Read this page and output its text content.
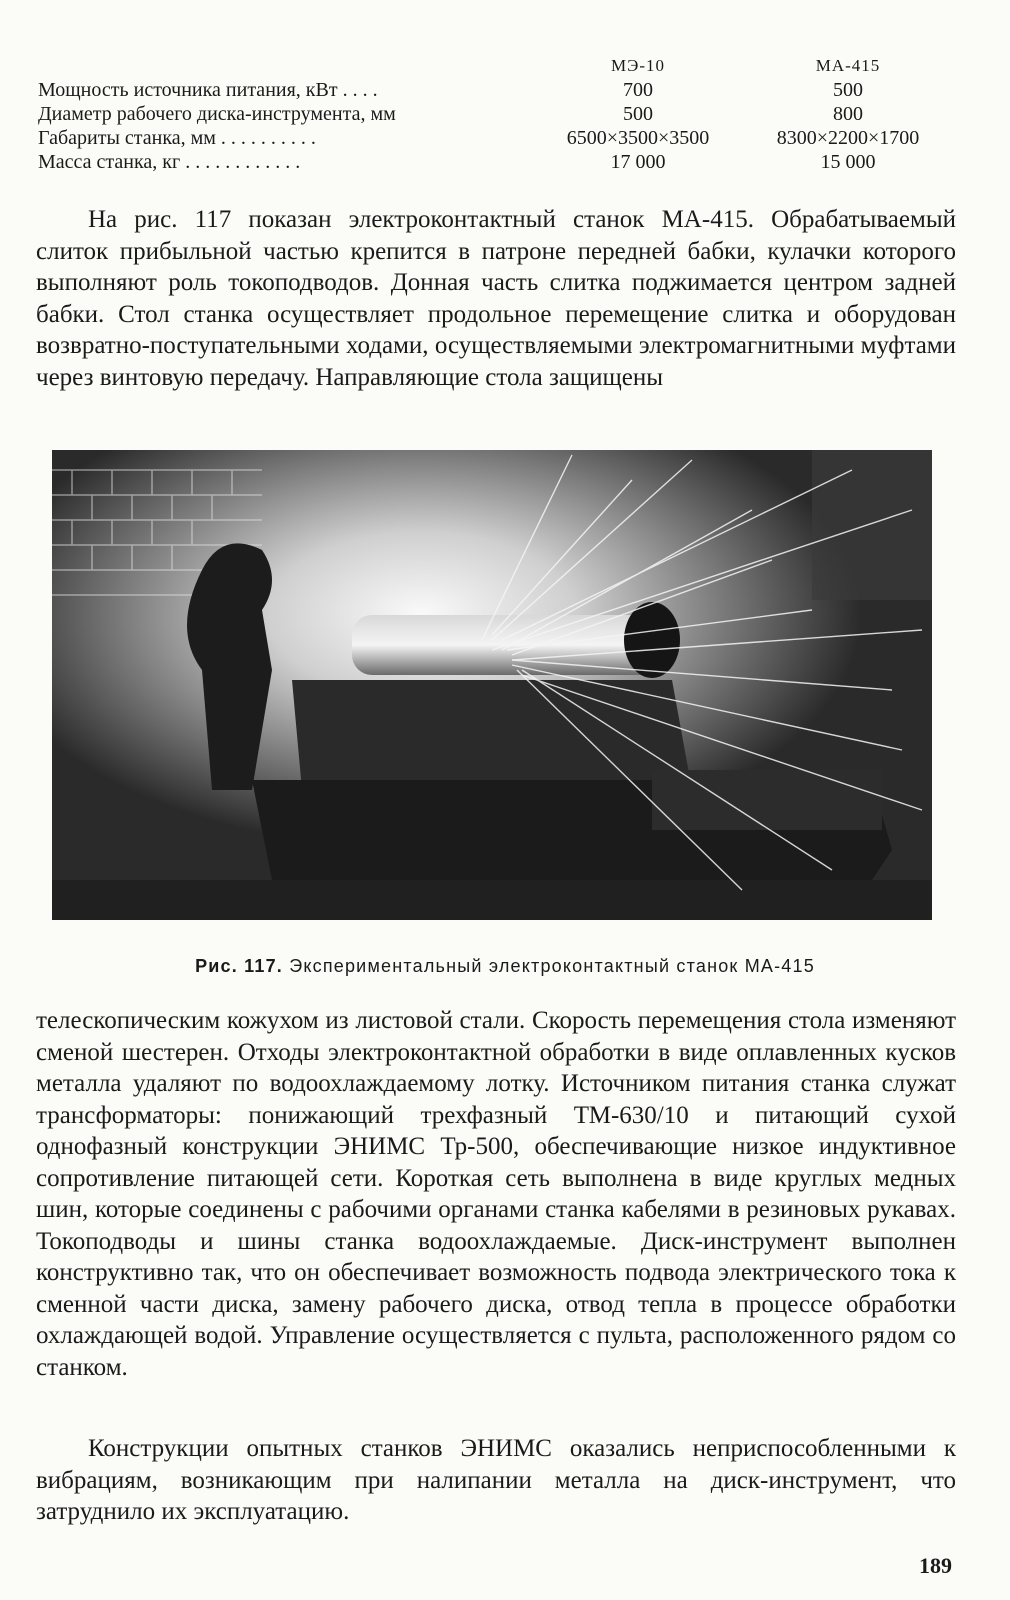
	МЭ-10	МА-415
Мощность источника питания, кВт . . . .	700	500
Диаметр рабочего диска-инструмента, мм	500	800
Габариты станка, мм . . . . . . . . . .	6500×3500×3500	8300×2200×1700
Масса станка, кг . . . . . . . . . . . .	17 000	15 000

На рис. 117 показан электроконтактный станок МА-415. Обрабатываемый слиток прибыльной частью крепится в патроне передней бабки, кулачки которого выполняют роль токоподводов. Донная часть слитка поджимается центром задней бабки. Стол станка осуществляет продольное перемещение слитка и оборудован возвратно-поступательными ходами, осуществляемыми электромагнитными муфтами через винтовую передачу. Направляющие стола защищены

Рис. 117. Экспериментальный электроконтактный станок МА-415

телескопическим кожухом из листовой стали. Скорость перемещения стола изменяют сменой шестерен. Отходы электроконтактной обработки в виде оплавленных кусков металла удаляют по водоохлаждаемому лотку. Источником питания станка служат трансформаторы: понижающий трехфазный ТМ-630/10 и питающий сухой однофазный конструкции ЭНИМС Тр-500, обеспечивающие низкое индуктивное сопротивление питающей сети. Короткая сеть выполнена в виде круглых медных шин, которые соединены с рабочими органами станка кабелями в резиновых рукавах. Токоподводы и шины станка водоохлаждаемые. Диск-инструмент выполнен конструктивно так, что он обеспечивает возможность подвода электрического тока к сменной части диска, замену рабочего диска, отвод тепла в процессе обработки охлаждающей водой. Управление осуществляется с пульта, расположенного рядом со станком.

Конструкции опытных станков ЭНИМС оказались неприспособленными к вибрациям, возникающим при налипании металла на диск-инструмент, что затруднило их эксплуатацию.

189
